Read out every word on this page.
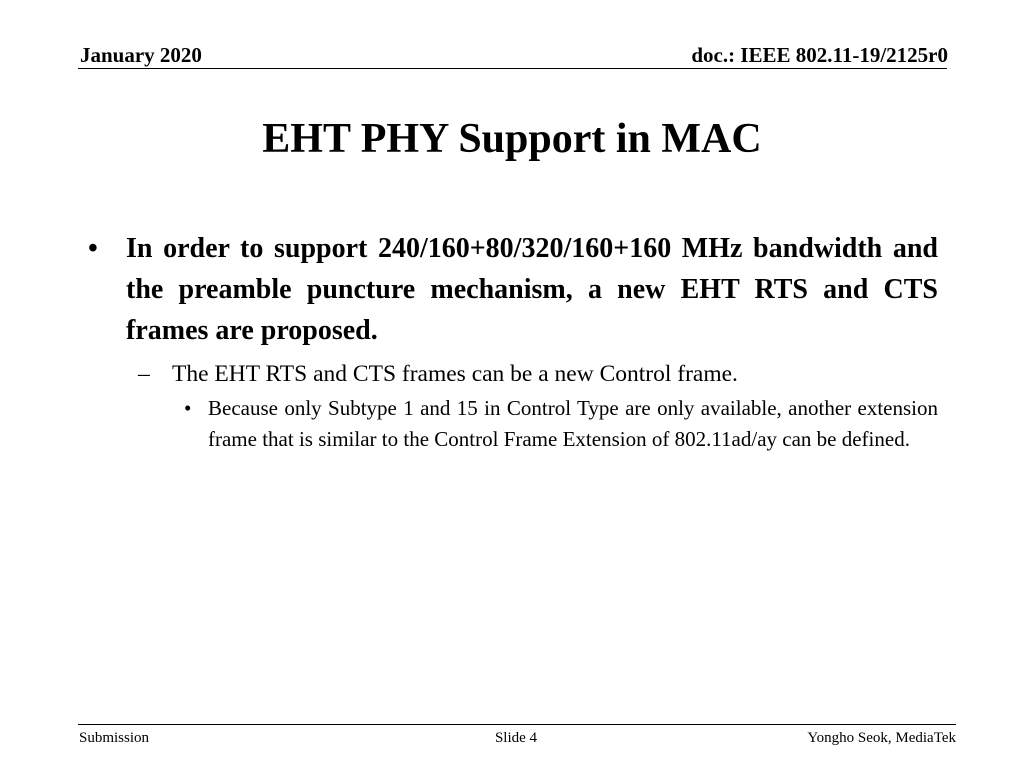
January 2020	doc.: IEEE 802.11-19/2125r0
EHT PHY Support in MAC
• In order to support 240/160+80/320/160+160 MHz bandwidth and the preamble puncture mechanism, a new EHT RTS and CTS frames are proposed.
– The EHT RTS and CTS frames can be a new Control frame.
• Because only Subtype 1 and 15 in Control Type are only available, another extension frame that is similar to the Control Frame Extension of 802.11ad/ay can be defined.
Submission	Slide 4	Yongho Seok, MediaTek
